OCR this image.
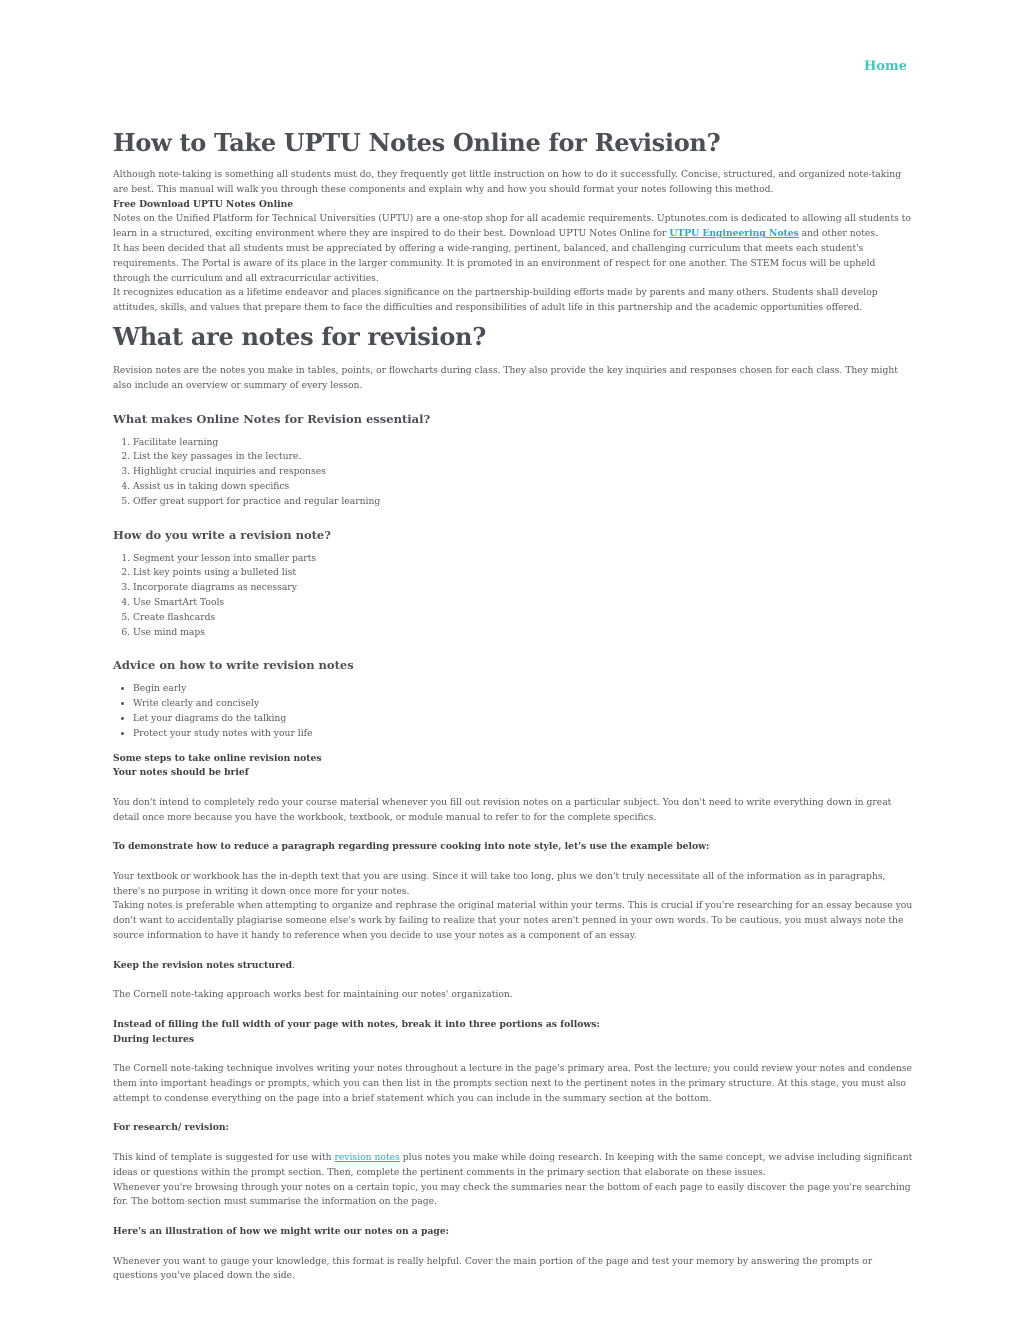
Home
How to Take UPTU Notes Online for Revision?

Although note-taking is something all students must do, they frequently get little instruction on how to do it successfully. Concise, structured, and organized note-taking are best. This manual will walk you through these components and explain why and how you should format your notes following this method.

Free Download UPTU Notes Online

Notes on the Unified Platform for Technical Universities (UPTU) are a one-stop shop for all academic requirements. Uptunotes.com is dedicated to allowing all students to learn in a structured, exciting environment where they are inspired to do their best. Download UPTU Notes Online for UTPU Engineering Notes and other notes.

It has been decided that all students must be appreciated by offering a wide-ranging, pertinent, balanced, and challenging curriculum that meets each student's requirements. The Portal is aware of its place in the larger community. It is promoted in an environment of respect for one another. The STEM focus will be upheld through the curriculum and all extracurricular activities.

It recognizes education as a lifetime endeavor and places significance on the partnership-building efforts made by parents and many others. Students shall develop attitudes, skills, and values that prepare them to face the difficulties and responsibilities of adult life in this partnership and the academic opportunities offered.

What are notes for revision?

Revision notes are the notes you make in tables, points, or flowcharts during class. They also provide the key inquiries and responses chosen for each class. They might also include an overview or summary of every lesson.

What makes Online Notes for Revision essential?
1. Facilitate learning
2. List the key passages in the lecture.
3. Highlight crucial inquiries and responses
4. Assist us in taking down specifics
5. Offer great support for practice and regular learning
How do you write a revision note?
1. Segment your lesson into smaller parts
2. List key points using a bulleted list
3. Incorporate diagrams as necessary
4. Use SmartArt Tools
5. Create flashcards
6. Use mind maps
Advice on how to write revision notes
• Begin early
• Write clearly and concisely
• Let your diagrams do the talking
• Protect your study notes with your life

Some steps to take online revision notes

Your notes should be brief

You don't intend to completely redo your course material whenever you fill out revision notes on a particular subject. You don't need to write everything down in great detail once more because you have the workbook, textbook, or module manual to refer to for the complete specifics.

To demonstrate how to reduce a paragraph regarding pressure cooking into note style, let's use the example below:

Your textbook or workbook has the in-depth text that you are using. Since it will take too long, plus we don't truly necessitate all of the information as in paragraphs, there's no purpose in writing it down once more for your notes.

Taking notes is preferable when attempting to organize and rephrase the original material within your terms. This is crucial if you're researching for an essay because you don't want to accidentally plagiarise someone else's work by failing to realize that your notes aren't penned in your own words. To be cautious, you must always note the source information to have it handy to reference when you decide to use your notes as a component of an essay.

Keep the revision notes structured.

The Cornell note-taking approach works best for maintaining our notes' organization.

Instead of filling the full width of your page with notes, break it into three portions as follows:

During lectures

The Cornell note-taking technique involves writing your notes throughout a lecture in the page's primary area. Post the lecture; you could review your notes and condense them into important headings or prompts, which you can then list in the prompts section next to the pertinent notes in the primary structure. At this stage, you must also attempt to condense everything on the page into a brief statement which you can include in the summary section at the bottom.

For research/ revision:

This kind of template is suggested for use with revision notes plus notes you make while doing research. In keeping with the same concept, we advise including significant ideas or questions within the prompt section. Then, complete the pertinent comments in the primary section that elaborate on these issues.

Whenever you're browsing through your notes on a certain topic, you may check the summaries near the bottom of each page to easily discover the page you're searching for. The bottom section must summarise the information on the page.

Here's an illustration of how we might write our notes on a page:

Whenever you want to gauge your knowledge, this format is really helpful. Cover the main portion of the page and test your memory by answering the prompts or questions you've placed down the side.
